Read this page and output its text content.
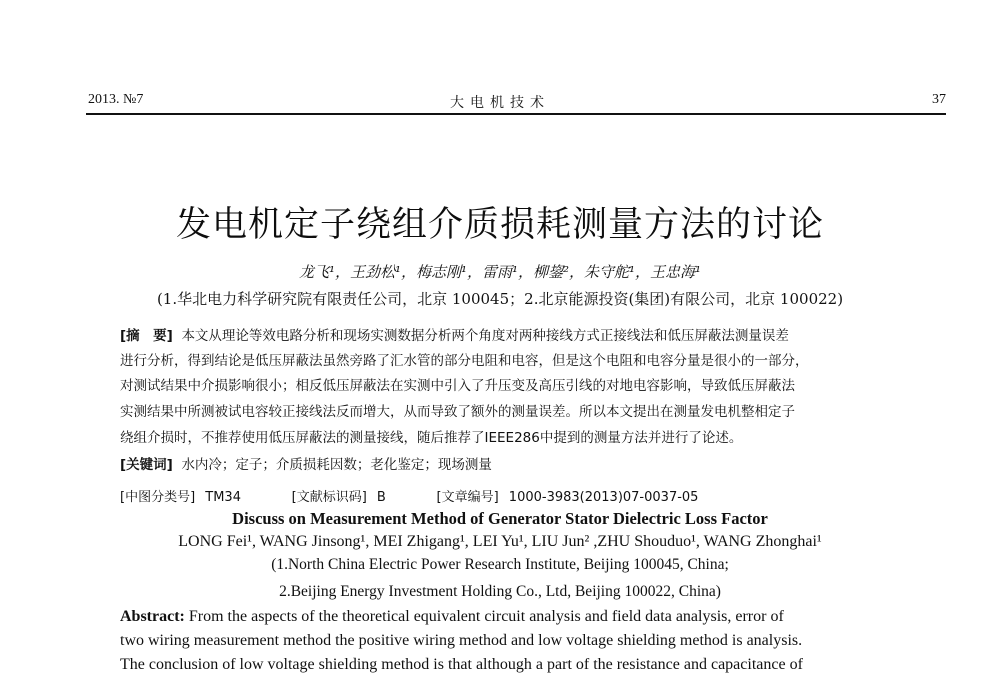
2013. №7	大电机技术	37
发电机定子绕组介质损耗测量方法的讨论
龙飞¹，王劲松¹，梅志刚¹，雷雨¹，柳鋆²，朱守舵¹，王忠海¹
(1.华北电力科学研究院有限责任公司，北京 100045；2.北京能源投资(集团)有限公司，北京 100022)
[摘　要] 本文从理论等效电路分析和现场实测数据分析两个角度对两种接线方式正接线法和低压屏蔽法测量误差
进行分析，得到结论是低压屏蔽法虽然旁路了汇水管的部分电阻和电容，但是这个电阻和电容分量是很小的一部分，
对测试结果中介损影响很小；相反低压屏蔽法在实测中引入了升压变及高压引线的对地电容影响，导致低压屏蔽法
实测结果中所测被试电容较正接线法反而增大，从而导致了额外的测量误差。所以本文提出在测量发电机整相定子
绕组介损时，不推荐使用低压屏蔽法的测量接线，随后推荐了IEEE286中提到的测量方法并进行了论述。
[关键词] 水内冷；定子；介质损耗因数；老化鉴定；现场测量
[中图分类号] TM34	[文献标识码] B	[文章编号] 1000-3983(2013)07-0037-05
Discuss on Measurement Method of Generator Stator Dielectric Loss Factor
LONG Fei¹, WANG Jinsong¹, MEI Zhigang¹, LEI Yu¹, LIU Jun² ,ZHU Shouduo¹, WANG Zhonghai¹
(1.North China Electric Power Research Institute, Beijing 100045, China;
2.Beijing Energy Investment Holding Co., Ltd, Beijing 100022, China)
Abstract: From the aspects of the theoretical equivalent circuit analysis and field data analysis, error of
two wiring measurement method the positive wiring method and low voltage shielding method is analysis.
The conclusion of low voltage shielding method is that although a part of the resistance and capacitance of
